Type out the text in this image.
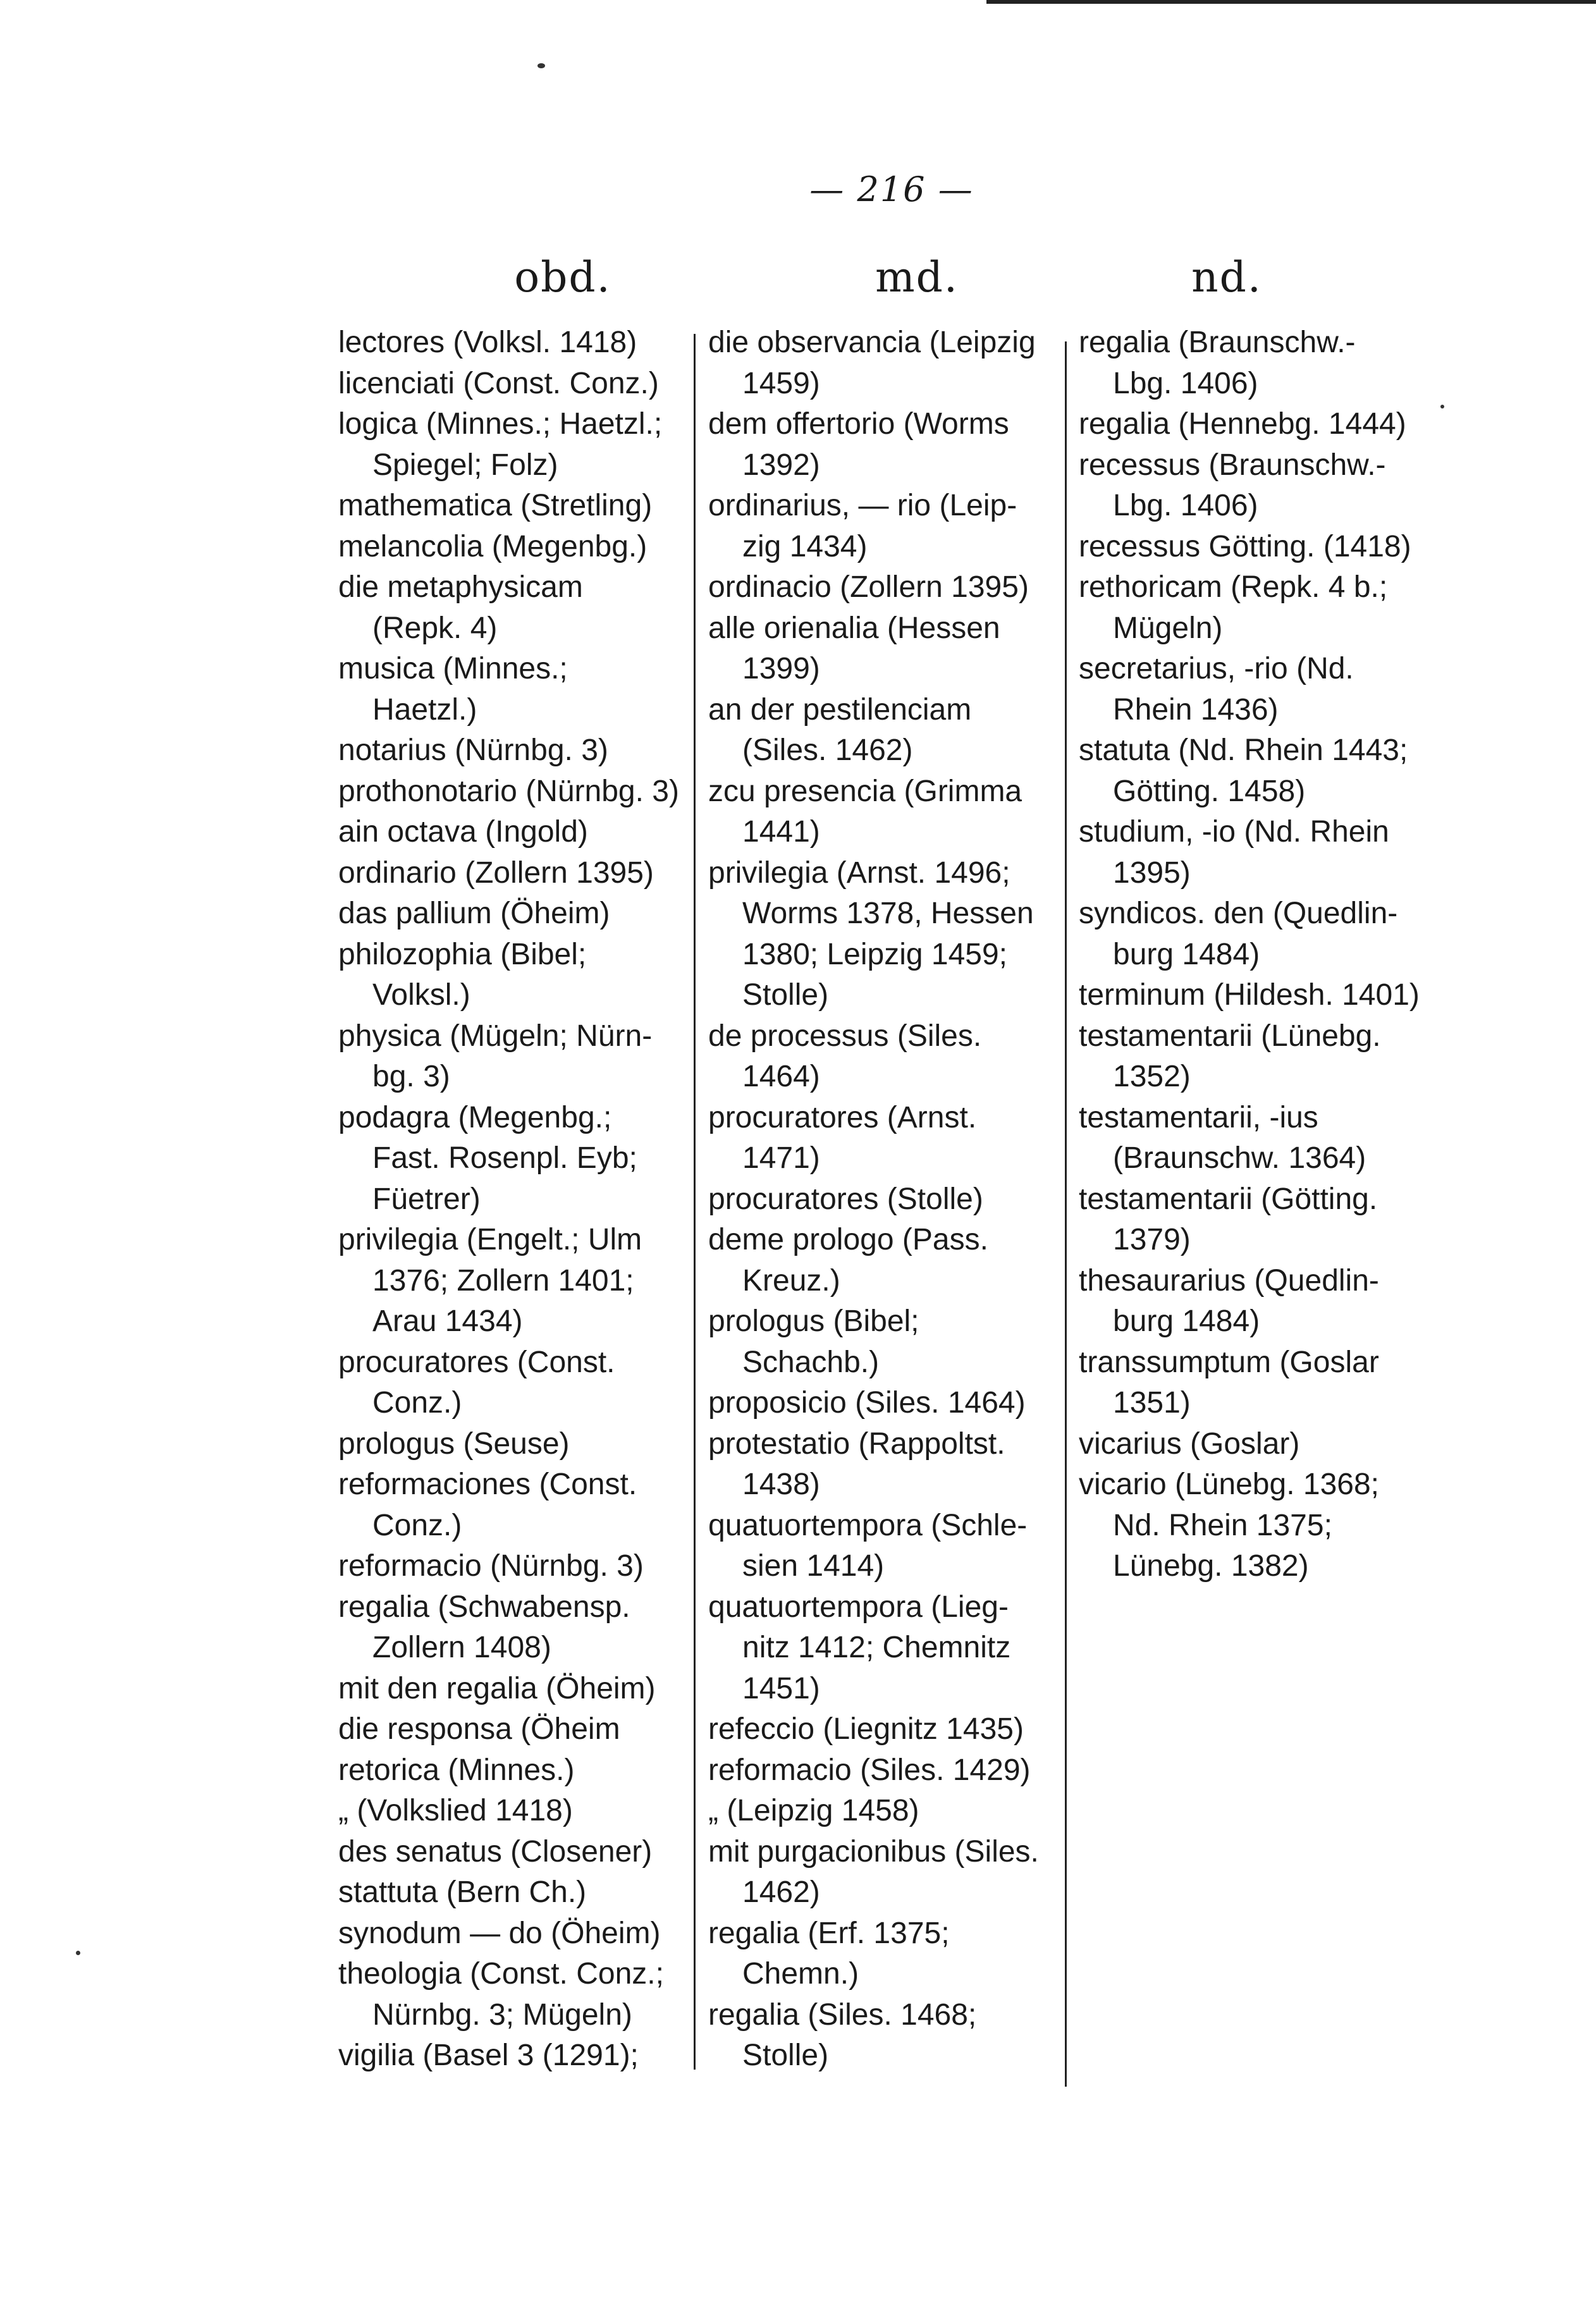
— 216 —
obd.	md.	nd.
lectores (Volksl. 1418)
licenciati (Const. Conz.)
logica (Minnes.; Haetzl.;
Spiegel; Folz)
mathematica (Stretling)
melancolia (Megenbg.)
die metaphysicam
(Repk. 4)
musica (Minnes.;
Haetzl.)
notarius (Nürnbg. 3)
prothonotario (Nürnbg. 3)
ain octava (Ingold)
ordinario (Zollern 1395)
das pallium (Öheim)
philozophia (Bibel;
Volksl.)
physica (Mügeln; Nürn-
bg. 3)
podagra (Megenbg.;
Fast. Rosenpl. Eyb;
Füetrer)
privilegia (Engelt.; Ulm
1376; Zollern 1401;
Arau 1434)
procuratores (Const.
Conz.)
prologus (Seuse)
reformaciones (Const.
Conz.)
reformacio (Nürnbg. 3)
regalia (Schwabensp.
Zollern 1408)
mit den regalia (Öheim)
die responsa (Öheim
retorica (Minnes.)
„ (Volkslied 1418)
des senatus (Closener)
stattuta (Bern Ch.)
synodum — do (Öheim)
theologia (Const. Conz.;
Nürnbg. 3; Mügeln)
vigilia (Basel 3 (1291);
die observancia (Leipzig
1459)
dem offertorio (Worms
1392)
ordinarius, — rio (Leip-
zig 1434)
ordinacio (Zollern 1395)
alle orienalia (Hessen
1399)
an der pestilenciam
(Siles. 1462)
zcu presencia (Grimma
1441)
privilegia (Arnst. 1496;
Worms 1378, Hessen
1380; Leipzig 1459;
Stolle)
de processus (Siles.
1464)
procuratores (Arnst.
1471)
procuratores (Stolle)
deme prologo (Pass.
Kreuz.)
prologus (Bibel;
Schachb.)
proposicio (Siles. 1464)
protestatio (Rappoltst.
1438)
quatuortempora (Schle-
sien 1414)
quatuortempora (Lieg-
nitz 1412; Chemnitz
1451)
refeccio (Liegnitz 1435)
reformacio (Siles. 1429)
„ (Leipzig 1458)
mit purgacionibus (Siles.
1462)
regalia (Erf. 1375;
Chemn.)
regalia (Siles. 1468;
Stolle)
regalia (Braunschw.-
Lbg. 1406)
regalia (Hennebg. 1444)
recessus (Braunschw.-
Lbg. 1406)
recessus Götting. (1418)
rethoricam (Repk. 4 b.;
Mügeln)
secretarius, -rio (Nd.
Rhein 1436)
statuta (Nd. Rhein 1443;
Götting. 1458)
studium, -io (Nd. Rhein
1395)
syndicos. den (Quedlin-
burg 1484)
terminum (Hildesh. 1401)
testamentarii (Lünebg.
1352)
testamentarii, -ius
(Braunschw. 1364)
testamentarii (Götting.
1379)
thesaurarius (Quedlin-
burg 1484)
transsumptum (Goslar
1351)
vicarius (Goslar)
vicario (Lünebg. 1368;
Nd. Rhein 1375;
Lünebg. 1382)
